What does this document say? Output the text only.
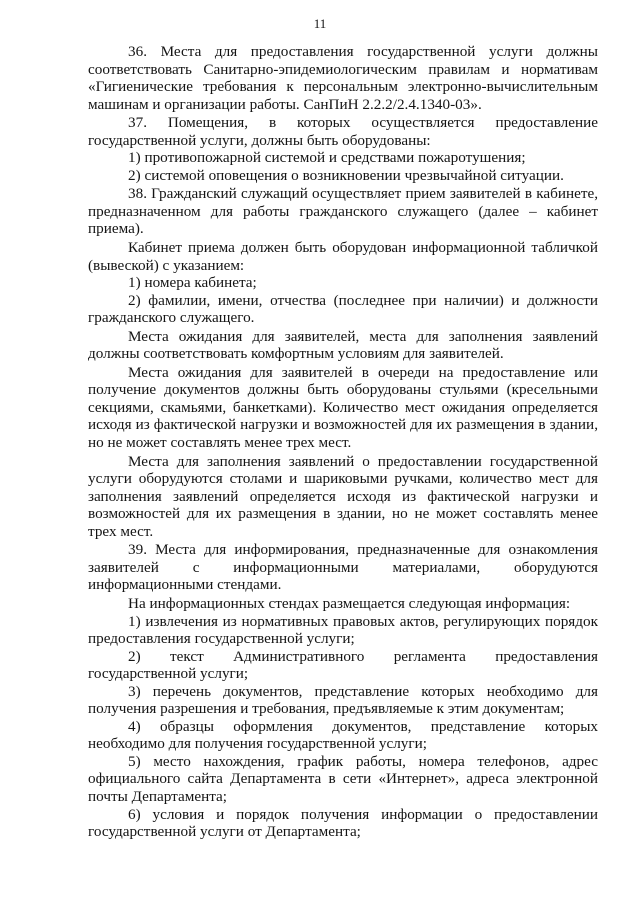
11

36. Места для предоставления государственной услуги должны соответствовать Санитарно-эпидемиологическим правилам и нормативам «Гигиенические требования к персональным электронно-вычислительным машинам и организации работы. СанПиН 2.2.2/2.4.1340-03».

37. Помещения, в которых осуществляется предоставление государственной услуги, должны быть оборудованы:

1) противопожарной системой и средствами пожаротушения;

2) системой оповещения о возникновении чрезвычайной ситуации.

38. Гражданский служащий осуществляет прием заявителей в кабинете, предназначенном для работы гражданского служащего (далее – кабинет приема).

Кабинет приема должен быть оборудован информационной табличкой (вывеской) с указанием:

1) номера кабинета;

2) фамилии, имени, отчества (последнее при наличии) и должности гражданского служащего.

Места ожидания для заявителей, места для заполнения заявлений должны соответствовать комфортным условиям для заявителей.

Места ожидания для заявителей в очереди на предоставление или получение документов должны быть оборудованы стульями (кресельными секциями, скамьями, банкетками). Количество мест ожидания определяется исходя из фактической нагрузки и возможностей для их размещения в здании, но не может составлять менее трех мест.

Места для заполнения заявлений о предоставлении государственной услуги оборудуются столами и шариковыми ручками, количество мест для заполнения заявлений определяется исходя из фактической нагрузки и возможностей для их размещения в здании, но не может составлять менее трех мест.

39. Места для информирования, предназначенные для ознакомления заявителей с информационными материалами, оборудуются информационными стендами.

На информационных стендах размещается следующая информация:

1) извлечения из нормативных правовых актов, регулирующих порядок предоставления государственной услуги;

2) текст Административного регламента предоставления государственной услуги;

3) перечень документов, представление которых необходимо для получения разрешения и требования, предъявляемые к этим документам;

4) образцы оформления документов, представление которых необходимо для получения государственной услуги;

5) место нахождения, график работы, номера телефонов, адрес официального сайта Департамента в сети «Интернет», адреса электронной почты Департамента;

6) условия и порядок получения информации о предоставлении государственной услуги от Департамента;
